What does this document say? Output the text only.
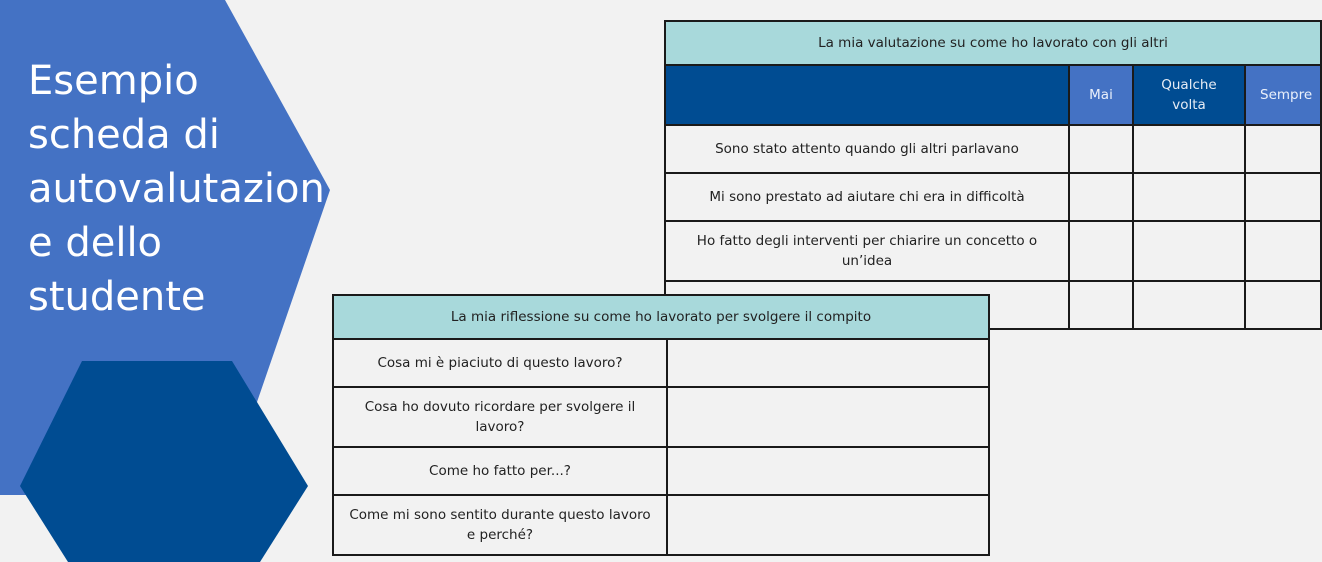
Esempio
scheda di
autovalutazion
e dello
studente
La mia valutazione su come ho lavorato con gli altri			
	Mai	Qualche volta	Sempre
Sono stato attento quando gli altri parlavano			
Mi sono prestato ad aiutare chi era in difficoltà			
Ho fatto degli interventi per chiarire un concetto o un’idea			

La mia riflessione su come ho lavorato per svolgere il compito	
Cosa mi è piaciuto di questo lavoro?	
Cosa ho dovuto ricordare per svolgere il lavoro?	
Come ho fatto per...?	
Come mi sono sentito durante questo lavoro e perché?	
